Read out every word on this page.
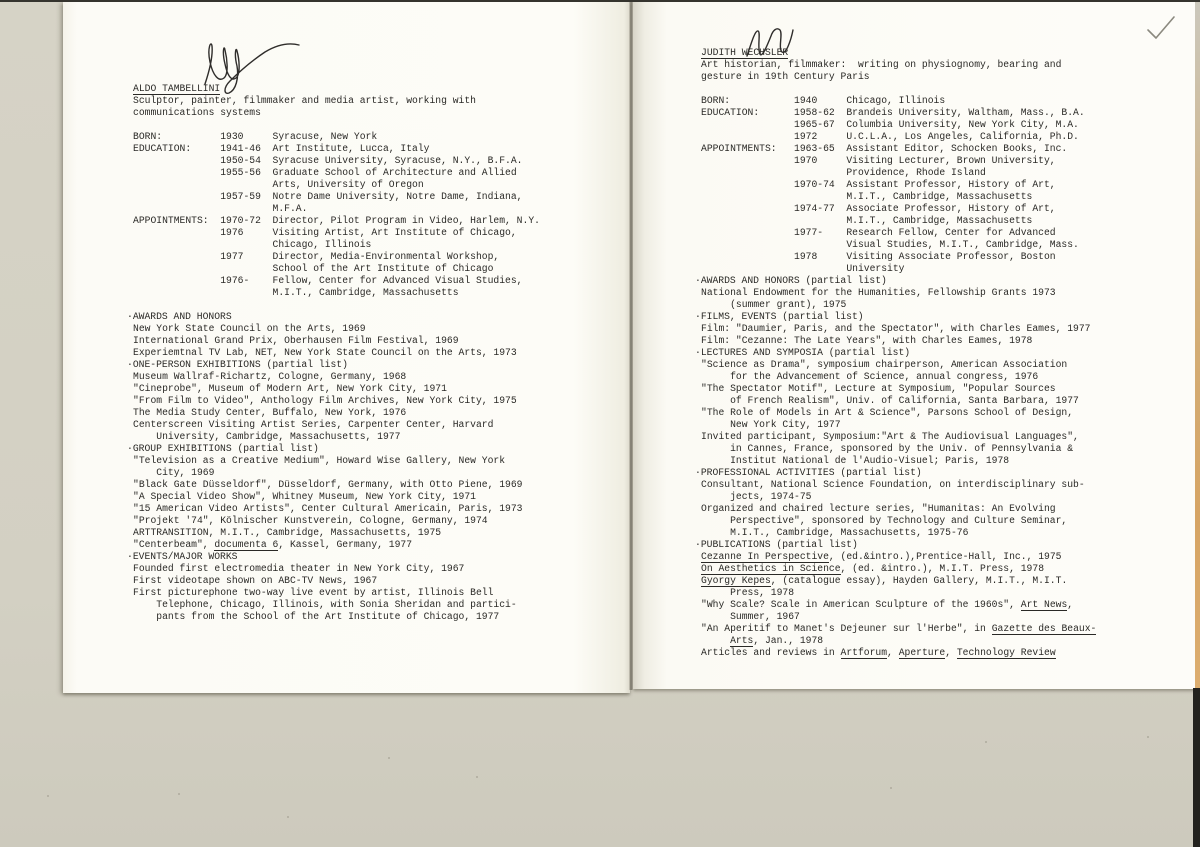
ALDO TAMBELLINI
Sculptor, painter, filmmaker and media artist, working with
communications systems

BORN:          1930     Syracuse, New York
EDUCATION:     1941-46  Art Institute, Lucca, Italy
1950-54  Syracuse University, Syracuse, N.Y., B.F.A.
1955-56  Graduate School of Architecture and Allied
Arts, University of Oregon
1957-59  Notre Dame University, Notre Dame, Indiana,
M.F.A.
APPOINTMENTS:  1970-72  Director, Pilot Program in Video, Harlem, N.Y.
1976     Visiting Artist, Art Institute of Chicago,
Chicago, Illinois
1977     Director, Media-Environmental Workshop,
School of the Art Institute of Chicago
1976-    Fellow, Center for Advanced Visual Studies,
M.I.T., Cambridge, Massachusetts

·AWARDS AND HONORS
New York State Council on the Arts, 1969
International Grand Prix, Oberhausen Film Festival, 1969
Experiemtnal TV Lab, NET, New York State Council on the Arts, 1973
·ONE-PERSON EXHIBITIONS (partial list)
Museum Wallraf-Richartz, Cologne, Germany, 1968
"Cineprobe", Museum of Modern Art, New York City, 1971
"From Film to Video", Anthology Film Archives, New York City, 1975
The Media Study Center, Buffalo, New York, 1976
Centerscreen Visiting Artist Series, Carpenter Center, Harvard
University, Cambridge, Massachusetts, 1977
·GROUP EXHIBITIONS (partial list)
"Television as a Creative Medium", Howard Wise Gallery, New York
City, 1969
"Black Gate Düsseldorf", Düsseldorf, Germany, with Otto Piene, 1969
"A Special Video Show", Whitney Museum, New York City, 1971
"15 American Video Artists", Center Cultural Americain, Paris, 1973
"Projekt '74", Kölnischer Kunstverein, Cologne, Germany, 1974
ARTTRANSITION, M.I.T., Cambridge, Massachusetts, 1975
"Centerbeam", documenta 6, Kassel, Germany, 1977
·EVENTS/MAJOR WORKS
Founded first electromedia theater in New York City, 1967
First videotape shown on ABC-TV News, 1967
First picturephone two-way live event by artist, Illinois Bell
Telephone, Chicago, Illinois, with Sonia Sheridan and partici-
pants from the School of the Art Institute of Chicago, 1977
JUDITH WECHSLER
Art historian, filmmaker:  writing on physiognomy, bearing and
gesture in 19th Century Paris

BORN:           1940     Chicago, Illinois
EDUCATION:      1958-62  Brandeis University, Waltham, Mass., B.A.
1965-67  Columbia University, New York City, M.A.
1972     U.C.L.A., Los Angeles, California, Ph.D.
APPOINTMENTS:   1963-65  Assistant Editor, Schocken Books, Inc.
1970     Visiting Lecturer, Brown University,
Providence, Rhode Island
1970-74  Assistant Professor, History of Art,
M.I.T., Cambridge, Massachusetts
1974-77  Associate Professor, History of Art,
M.I.T., Cambridge, Massachusetts
1977-    Research Fellow, Center for Advanced
Visual Studies, M.I.T., Cambridge, Mass.
1978     Visiting Associate Professor, Boston
University
·AWARDS AND HONORS (partial list)
National Endowment for the Humanities, Fellowship Grants 1973
(summer grant), 1975
·FILMS, EVENTS (partial list)
Film: "Daumier, Paris, and the Spectator", with Charles Eames, 1977
Film: "Cezanne: The Late Years", with Charles Eames, 1978
·LECTURES AND SYMPOSIA (partial list)
"Science as Drama", symposium chairperson, American Association
for the Advancement of Science, annual congress, 1976
"The Spectator Motif", Lecture at Symposium, "Popular Sources
of French Realism", Univ. of California, Santa Barbara, 1977
"The Role of Models in Art & Science", Parsons School of Design,
New York City, 1977
Invited participant, Symposium:"Art & The Audiovisual Languages",
in Cannes, France, sponsored by the Univ. of Pennsylvania &
Institut National de l'Audio-Visuel; Paris, 1978
·PROFESSIONAL ACTIVITIES (partial list)
Consultant, National Science Foundation, on interdisciplinary sub-
jects, 1974-75
Organized and chaired lecture series, "Humanitas: An Evolving
Perspective", sponsored by Technology and Culture Seminar,
M.I.T., Cambridge, Massachusetts, 1975-76
·PUBLICATIONS (partial list)
Cezanne In Perspective, (ed.&intro.),Prentice-Hall, Inc., 1975
On Aesthetics in Science, (ed. &intro.), M.I.T. Press, 1978
Gyorgy Kepes, (catalogue essay), Hayden Gallery, M.I.T., M.I.T.
Press, 1978
"Why Scale? Scale in American Sculpture of the 1960s", Art News,
Summer, 1967
"An Aperitif to Manet's Dejeuner sur l'Herbe", in Gazette des Beaux-
Arts, Jan., 1978
Articles and reviews in Artforum, Aperture, Technology Review
